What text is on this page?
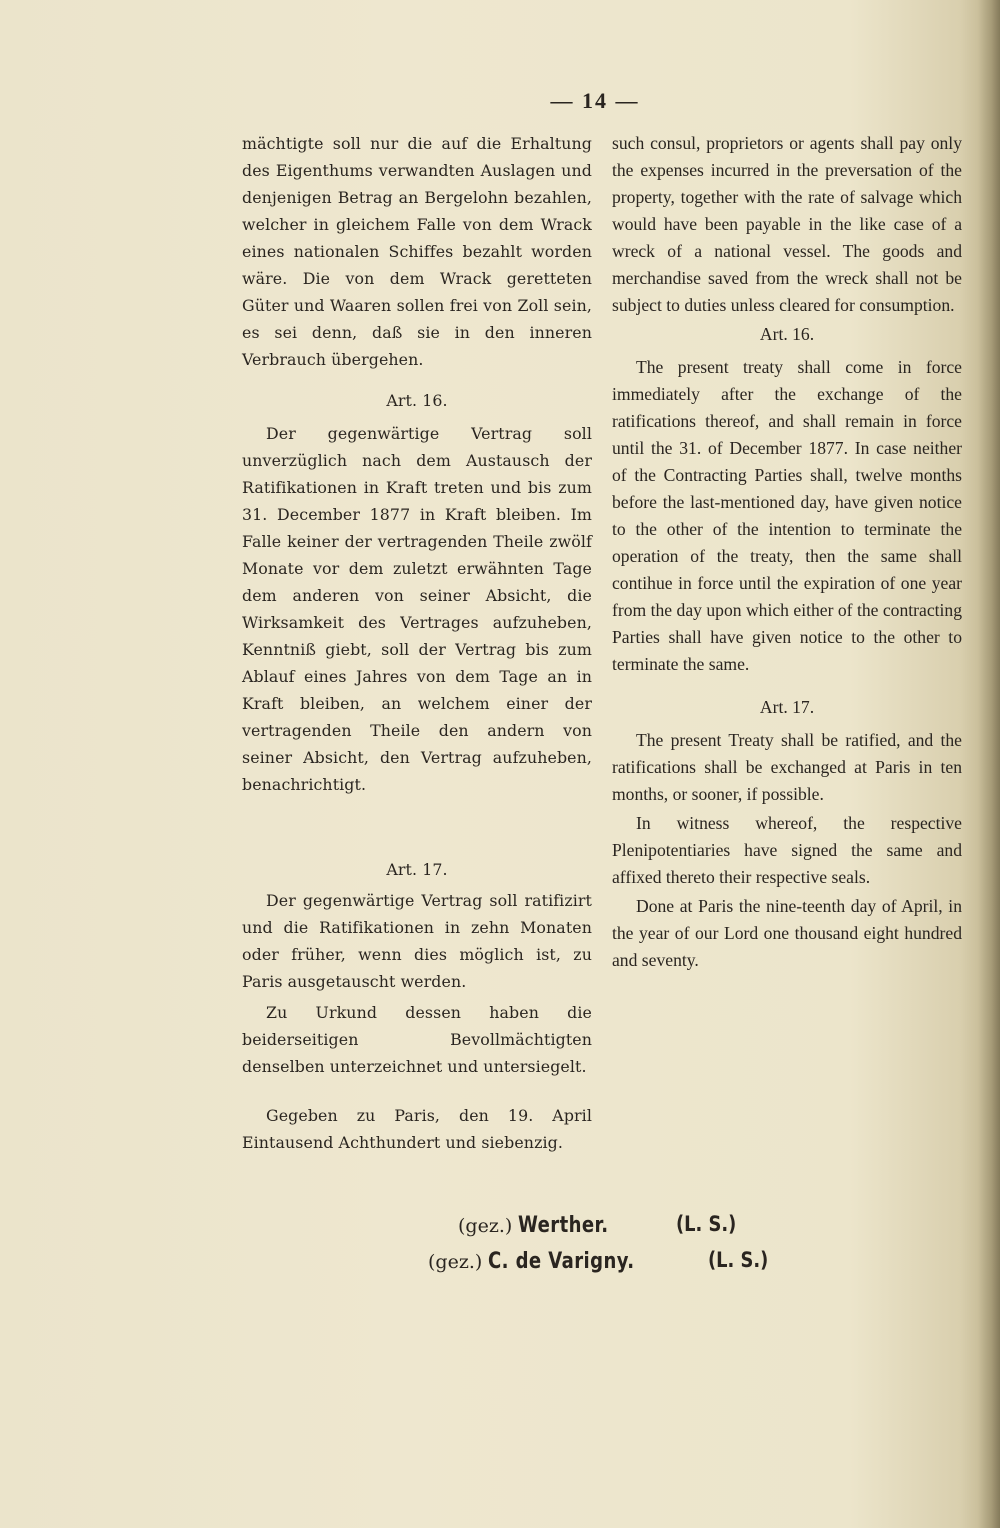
— 14 —

mächtigte soll nur die auf die Erhaltung des Eigenthums verwandten Auslagen und denjenigen Betrag an Bergelohn bezahlen, welcher in gleichem Falle von dem Wrack eines nationalen Schiffes bezahlt worden wäre. Die von dem Wrack geretteten Güter und Waaren sollen frei von Zoll sein, es sei denn, daß sie in den inneren Verbrauch übergehen.

Art. 16.

Der gegenwärtige Vertrag soll unverzüglich nach dem Austausch der Ratifikationen in Kraft treten und bis zum 31. December 1877 in Kraft bleiben. Im Falle keiner der vertragenden Theile zwölf Monate vor dem zuletzt erwähnten Tage dem anderen von seiner Absicht, die Wirksamkeit des Vertrages aufzuheben, Kenntniß giebt, soll der Vertrag bis zum Ablauf eines Jahres von dem Tage an in Kraft bleiben, an welchem einer der vertragenden Theile den andern von seiner Absicht, den Vertrag aufzuheben, benachrichtigt.

Art. 17.

Der gegenwärtige Vertrag soll ratifizirt und die Ratifikationen in zehn Monaten oder früher, wenn dies möglich ist, zu Paris ausgetauscht werden.

Zu Urkund dessen haben die beiderseitigen Bevollmächtigten denselben unterzeichnet und untersiegelt.

Gegeben zu Paris, den 19. April Eintausend Achthundert und siebenzig.

such consul, proprietors or agents shall pay only the expenses incurred in the preversation of the property, together with the rate of salvage which would have been payable in the like case of a wreck of a national vessel. The goods and merchandise saved from the wreck shall not be subject to duties unless cleared for consumption.

Art. 16.

The present treaty shall come in force immediately after the exchange of the ratifications thereof, and shall remain in force until the 31. of December 1877. In case neither of the Contracting Parties shall, twelve months before the last-mentioned day, have given notice to the other of the intention to terminate the operation of the treaty, then the same shall contihue in force until the expiration of one year from the day upon which either of the contracting Parties shall have given notice to the other to terminate the same.

Art. 17.

The present Treaty shall be ratified, and the ratifications shall be exchanged at Paris in ten months, or sooner, if possible.

In witness whereof, the respective Plenipotentiaries have signed the same and affixed thereto their respective seals.

Done at Paris the nine-teenth day of April, in the year of our Lord one thousand eight hundred and seventy.

(gez.) Werther.	(L. S.)
(gez.) C. de Varigny.	(L. S.)
